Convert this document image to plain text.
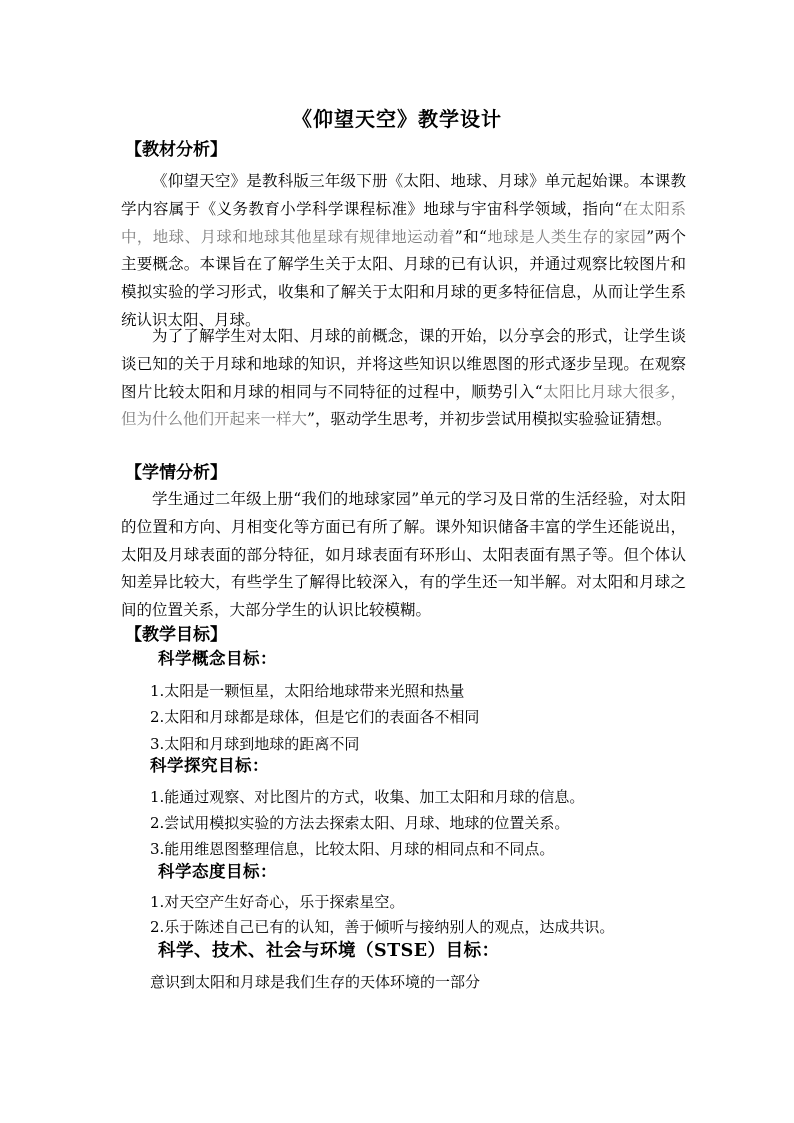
《仰望天空》教学设计
【教材分析】

《仰望天空》是教科版三年级下册《太阳、地球、月球》单元起始课。本课教学内容属于《义务教育小学科学课程标准》地球与宇宙科学领域，指向“在太阳系中，地球、月球和地球其他星球有规律地运动着”和“地球是人类生存的家园”两个主要概念。本课旨在了解学生关于太阳、月球的已有认识，并通过观察比较图片和模拟实验的学习形式，收集和了解关于太阳和月球的更多特征信息，从而让学生系统认识太阳、月球。

为了了解学生对太阳、月球的前概念，课的开始，以分享会的形式，让学生谈谈已知的关于月球和地球的知识，并将这些知识以维恩图的形式逐步呈现。在观察图片比较太阳和月球的相同与不同特征的过程中，顺势引入“太阳比月球大很多，但为什么他们开起来一样大”，驱动学生思考，并初步尝试用模拟实验验证猜想。

【学情分析】

学生通过二年级上册“我们的地球家园”单元的学习及日常的生活经验，对太阳的位置和方向、月相变化等方面已有所了解。课外知识储备丰富的学生还能说出，太阳及月球表面的部分特征，如月球表面有环形山、太阳表面有黑子等。但个体认知差异比较大，有些学生了解得比较深入，有的学生还一知半解。对太阳和月球之间的位置关系，大部分学生的认识比较模糊。

【教学目标】
科学概念目标：
1.太阳是一颗恒星，太阳给地球带来光照和热量
2.太阳和月球都是球体，但是它们的表面各不相同
3.太阳和月球到地球的距离不同
科学探究目标：
1.能通过观察、对比图片的方式，收集、加工太阳和月球的信息。
2.尝试用模拟实验的方法去探索太阳、月球、地球的位置关系。
3.能用维恩图整理信息，比较太阳、月球的相同点和不同点。
科学态度目标：
1.对天空产生好奇心，乐于探索星空。
2.乐于陈述自己已有的认知，善于倾听与接纳别人的观点，达成共识。
科学、技术、社会与环境（STSE）目标：
意识到太阳和月球是我们生存的天体环境的一部分
